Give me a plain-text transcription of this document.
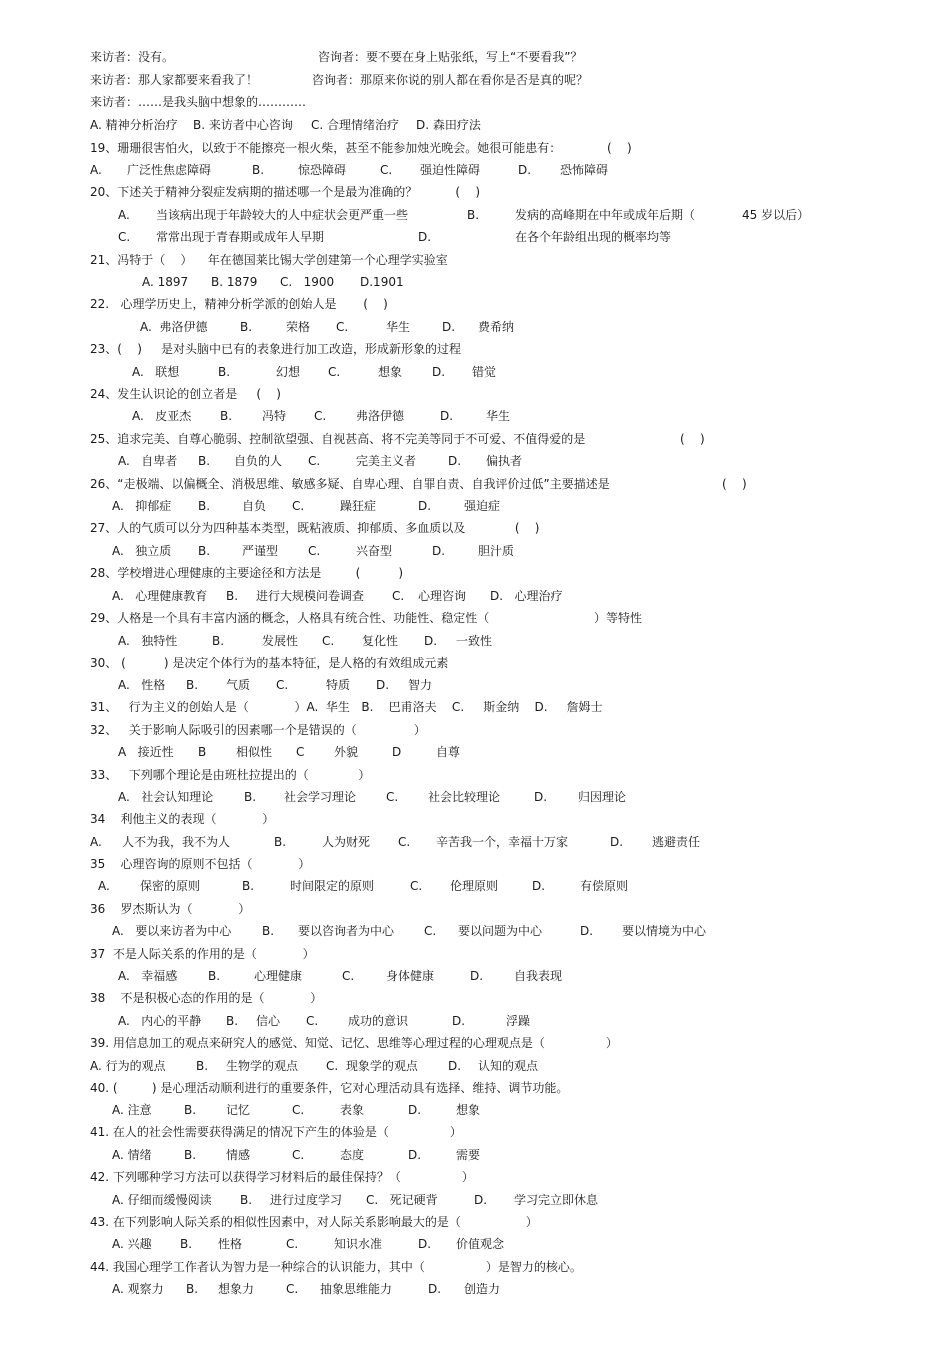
来访者：没有。	咨询者：要不要在身上贴张纸，写上“不要看我”？
来访者：那人家都要来看我了！	咨询者：那原来你说的别人都在看你是否是真的呢？
来访者：……是我头脑中想象的…………
A. 精神分析治疗 B. 来访者中心咨询 C. 合理情绪治疗 D. 森田疗法
19、珊珊很害怕火，以致于不能擦亮一根火柴，甚至不能参加烛光晚会。她很可能患有：            (    )
A. 广泛性焦虑障碍	B.	惊恐障碍	C. 强迫性障碍	D. 恐怖障碍
20、下述关于精神分裂症发病期的描述哪一个是最为准确的？          (    )
A. 当该病出现于年龄较大的人中症状会更严重一些	B.	发病的高峰期在中年或成年后期（	45 岁以后）
C. 常常出现于青春期或成年人早期	D.	在各个年龄组出现的概率均等
21、冯特于（    ）    年在德国莱比锡大学创建第一个心理学实验室
A. 1897 B. 1879 C.   1900 D.1901
22.   心理学历史上，精神分析学派的创始人是       (    )
A.  弗洛伊德	B.	荣格 C.	华生	D. 费希纳
23、(    )     是对头脑中已有的表象进行加工改造，形成新形象的过程
A.   联想	B.	幻想 C.	想象 D. 错觉
24、发生认识论的创立者是     (    )
A.   皮亚杰 B. 冯特 C. 弗洛伊德	D.	华生
25、追求完美、自尊心脆弱、控制欲望强、自视甚高、将不完美等同于不可爱、不值得爱的是	(    )
A.   自卑者 B. 自负的人 C.	完美主义者	D. 偏执者
26、“走极端、以偏概全、消极思维、敏感多疑、自卑心理、自罪自责、自我评价过低”主要描述是	(    )
A.   抑郁症 B.	自负 C.	躁狂症	D.	强迫症
27、人的气质可以分为四种基本类型，既粘液质、抑郁质、多血质以及             (    )
A.   独立质 B.	严谨型 C.	兴奋型	D.	胆汁质
28、学校增进心理健康的主要途径和方法是         (          )
A.   心理健康教育 B. 进行大规模问卷调查 C. 心理咨询 D.   心理治疗
29、人格是一个具有丰富内涵的概念，人格具有统合性、功能性、稳定性（	）等特性
A.   独特性	B.	发展性 C. 复化性 D. 一致性
30、 (          ) 是决定个体行为的基本特征，是人格的有效组成元素
A.   性格 B. 气质 C.	特质 D. 智力
31、   行为主义的创始人是（            ）A.  华生   B.    巴甫洛夫    C.     斯金纳    D.     詹姆士
32、   关于影响人际吸引的因素哪一个是错误的（               ）
A   接近性 B 相似性 C 外貌	D	自尊
33、   下列哪个理论是由班杜拉提出的（             ）
A.   社会认知理论	B. 社会学习理论 C. 社会比较理论	D.	归因理论
34    利他主义的表现（            ）
A. 人不为我，我不为人	B.	人为财死 C. 辛苦我一个，幸福十万家	D. 逃避责任
35    心理咨询的原则不包括（            ）
A.	保密的原则	B.	时间限定的原则	C. 伦理原则	D.	有偿原则
36    罗杰斯认为（            ）
A.   要以来访者为中心	B. 要以咨询者为中心 C. 要以问题为中心	D. 要以情境为中心
37  不是人际关系的作用的是（            ）
A.   幸福感	B.	心理健康	C.	身体健康	D.	自我表现
38    不是积极心态的作用的是（            ）
A.   内心的平静 B. 信心 C. 成功的意识	D.	浮躁
39. 用信息加工的观点来研究人的感觉、知觉、记忆、思维等心理过程的心理观点是（                ）
A. 行为的观点	B. 生物学的观点 C.  现象学的观点	D. 认知的观点
40. (         ) 是心理活动顺利进行的重要条件，它对心理活动具有选择、维持、调节功能。
A. 注意	B. 记忆	C.	表象	D.	想象
41. 在人的社会性需要获得满足的情况下产生的体验是（                ）
A. 情绪	B. 情感	C.	态度	D.	需要
42. 下列哪种学习方法可以获得学习材料后的最佳保持？（                ）
A. 仔细而缓慢阅读 B. 进行过度学习 C.   死记硬背	D. 学习完立即休息
43. 在下列影响人际关系的相似性因素中，对人际关系影响最大的是（                 ）
A. 兴趣 B. 性格	C.	知识水准	D. 价值观念
44. 我国心理学工作者认为智力是一种综合的认识能力，其中（                ）是智力的核心。
A. 观察力 B. 想象力	C. 抽象思维能力	D. 创造力
